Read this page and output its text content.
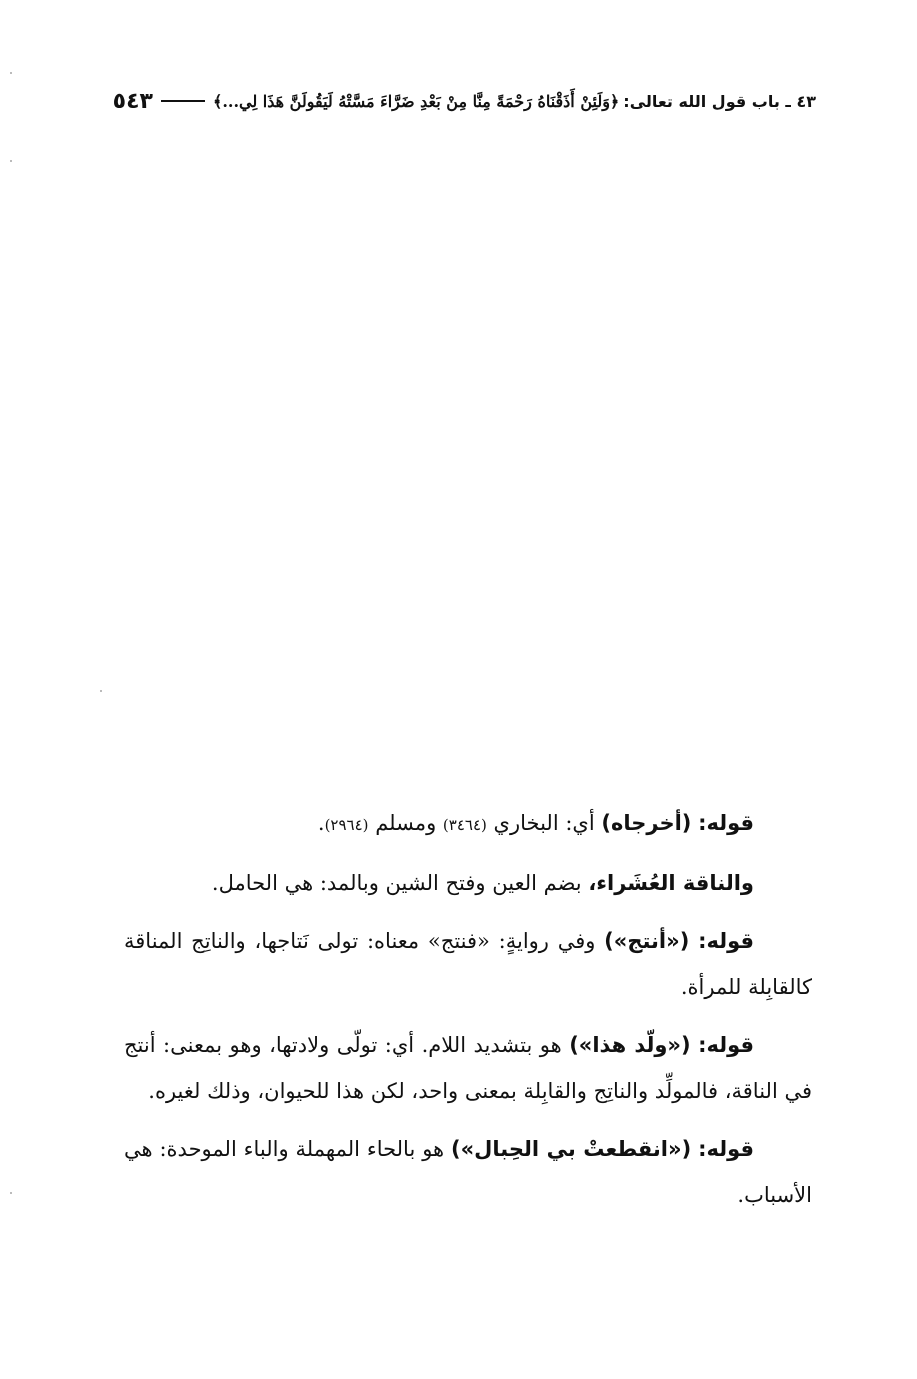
٤٣ ـ باب قول الله تعالى:
﴿وَلَئِنْ أَذَقْنَاهُ رَحْمَةً مِنَّا مِنْ بَعْدِ ضَرَّاءَ مَسَّتْهُ لَيَقُولَنَّ هَذَا لِي...﴾
٥٤٣

قوله: (أخرجاه) أي: البخاري (٣٤٦٤) ومسلم (٢٩٦٤).

والناقة العُشَراء، بضم العين وفتح الشين وبالمد: هي الحامل.

قوله: («أنتج») وفي روايةٍ: «فنتج» معناه: تولى نَتاجها، والناتِج المناقة كالقابِلة للمرأة.

قوله: («ولّد هذا») هو بتشديد اللام. أي: تولّى ولادتها، وهو بمعنى: أنتج في الناقة، فالمولِّد والناتِج والقابِلة بمعنى واحد، لكن هذا للحيوان، وذلك لغيره.

قوله: («انقطعتْ بي الحِبال») هو بالحاء المهملة والباء الموحدة: هي الأسباب.
